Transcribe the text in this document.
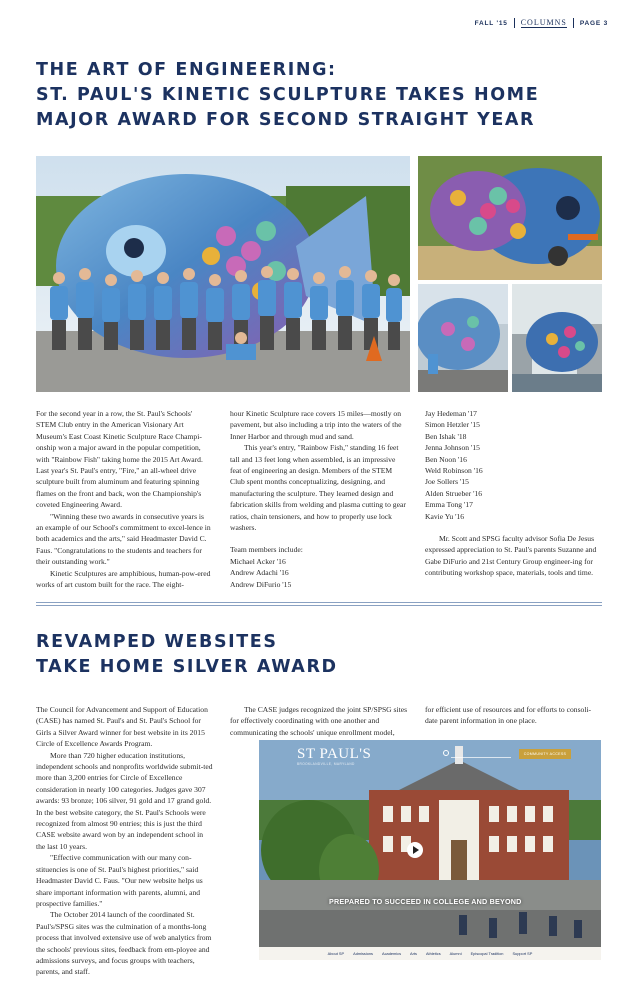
FALL '15 COLUMNS PAGE 3
THE ART OF ENGINEERING:
ST. PAUL'S KINETIC SCULPTURE TAKES HOME
MAJOR AWARD FOR SECOND STRAIGHT YEAR

For the second year in a row, the St. Paul's Schools' STEM Club entry in the American Visionary Art Museum's East Coast Kinetic Sculpture Race Champi-onship won a major award in the popular competition, with "Rainbow Fish" taking home the 2015 Art Award. Last year's St. Paul's entry, "Fire," an all-wheel drive sculpture built from aluminum and featuring spinning flames on the front and back, won the Championship's coveted Engineering Award.

"Winning these two awards in consecutive years is an example of our School's commitment to excel-lence in both academics and the arts," said Headmaster David C. Faus. "Congratulations to the students and teachers for their outstanding work."

Kinetic Sculptures are amphibious, human-pow-ered works of art custom built for the race. The eight-

hour Kinetic Sculpture race covers 15 miles—mostly on pavement, but also including a trip into the waters of the Inner Harbor and through mud and sand.

This year's entry, "Rainbow Fish," standing 16 feet tall and 13 feet long when assembled, is an impressive feat of engineering an design. Members of the STEM Club spent months conceptualizing, designing, and manufacturing the sculpture. They learned design and fabrication skills from welding and plasma cutting to gear ratios, chain tensioners, and how to properly use lock washers.

Team members include:

Michael Acker '16

Andrew Adachi '16

Andrew DiFurio '15

Jay Hedeman '17

Simon Hetzler '15

Ben Ishak '18

Jenna Johnson '15

Ben Noon '16

Weld Robinson '16

Joe Sollers '15

Alden Strueber '16

Emma Tong '17

Kavie Yu '16

Mr. Scott and SPSG faculty advisor Sofia De Jesus expressed appreciation to St. Paul's parents Suzanne and Gabe DiFurio and 21st Century Group engineer-ing for contributing workshop space, materials, tools and time.

REVAMPED WEBSITES
TAKE HOME SILVER AWARD

The Council for Advancement and Support of Education (CASE) has named St. Paul's and St. Paul's School for Girls a Silver Award winner for best website in its 2015 Circle of Excellence Awards Program.

More than 720 higher education institutions, independent schools and nonprofits worldwide submit-ted more than 3,200 entries for Circle of Excellence consideration in nearly 100 categories. Judges gave 307 awards: 93 bronze; 106 silver, 91 gold and 17 grand gold. In the best website category, the St. Paul's Schools were recognized from almost 90 entries; this is just the third CASE website award won by an independent school in the last 10 years.

"Effective communication with our many con-stituencies is one of St. Paul's highest priorities," said Headmaster David C. Faus. "Our new website helps us share important information with parents, alumni, and prospective families."

The October 2014 launch of the coordinated St. Paul's/SPSG sites was the culmination of a months-long process that involved extensive use of web analytics from the schools' previous sites, feedback from em-ployee and admissions surveys, and focus groups with teachers, parents, and staff.

The CASE judges recognized the joint SP/SPSG sites for effectively coordinating with one another and communicating the schools' unique enrollment model,

for efficient use of resources and for efforts to consoli-date parent information in one place.

ST PAUL'S
BROOKLANDVILLE, MARYLAND
COMMUNITY ACCESS
PREPARED TO SUCCEED IN COLLEGE AND BEYOND
About SP Admissions Academics Arts Athletics Alumni Episcopal Tradition Support SP
